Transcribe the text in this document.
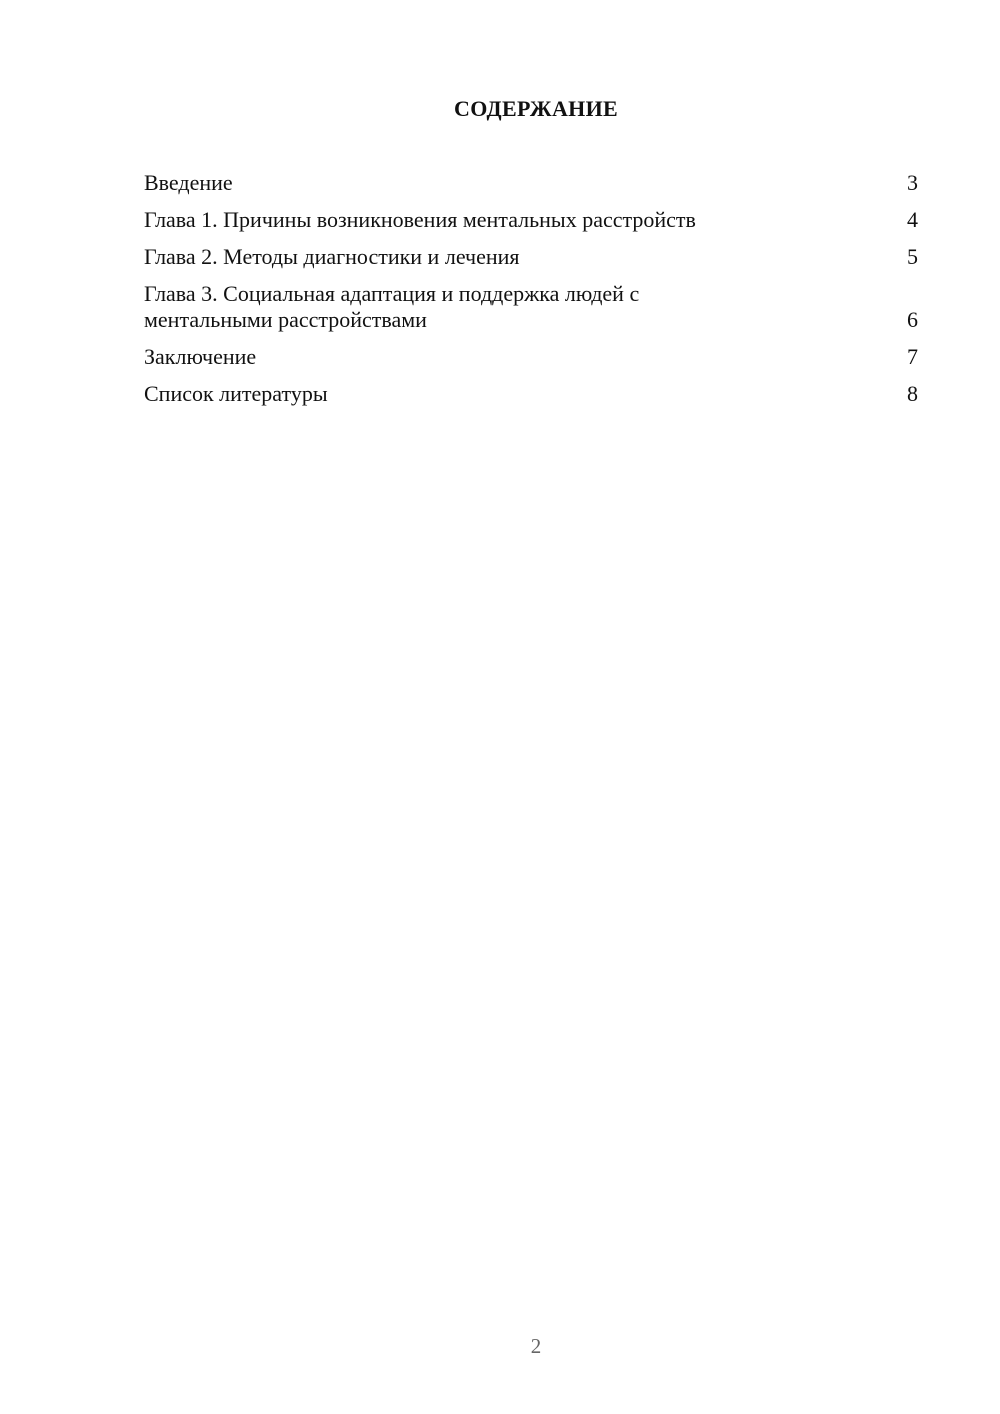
СОДЕРЖАНИЕ
Введение	3
Глава 1. Причины возникновения ментальных расстройств	4
Глава 2. Методы диагностики и лечения	5
Глава 3. Социальная адаптация и поддержка людей с ментальными расстройствами	6
Заключение	7
Список литературы	8
2
